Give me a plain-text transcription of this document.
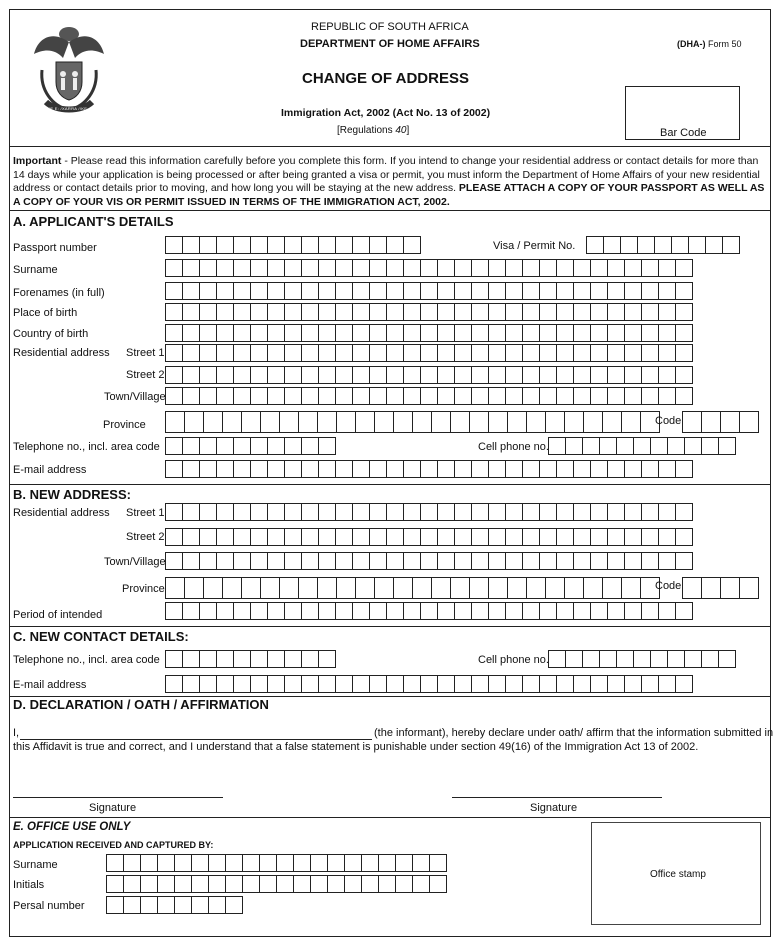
!KE E: /XARRA //KE
REPUBLIC OF SOUTH AFRICA
DEPARTMENT OF HOME AFFAIRS	(DHA-) Form 50
CHANGE OF ADDRESS
Immigration Act, 2002 (Act No. 13 of 2002)
[Regulations 40]	Bar Code
Important - Please read this information carefully before you complete this form. If you intend to change your residential address or contact details for more than 14 days while your application is being processed or after being granted a visa or permit, you must inform the Department of Home Affairs of your new residential address or contact details prior to moving, and how long you will be staying at the new address. PLEASE ATTACH A COPY OF YOUR PASSPORT AS WELL AS A COPY OF YOUR VIS OR PERMIT ISSUED IN TERMS OF THE IMMIGRATION ACT, 2002.
A. APPLICANT'S DETAILS
Passport number	Visa / Permit No.
Surname
Forenames (in full)
Place of birth
Country of birth
Residential address Street 1
Street 2
Town/Village
Province	Code
Telephone no., incl. area code	Cell phone no.
E-mail address
B. NEW ADDRESS:
Residential address Street 1
Street 2
Town/Village
Province	Code
Period of intended
C. NEW CONTACT DETAILS:
Telephone no., incl. area code	Cell phone no.
E-mail address
D. DECLARATION / OATH / AFFIRMATION
I,	(the informant), hereby declare under oath/ affirm that the information submitted in
this Affidavit is true and correct, and I understand that a false statement is punishable under section 49(16) of the Immigration Act 13 of 2002.
Signature	Signature
E. OFFICE USE ONLY
APPLICATION RECEIVED AND CAPTURED BY:
Surname
Initials
Persal number
Office stamp
